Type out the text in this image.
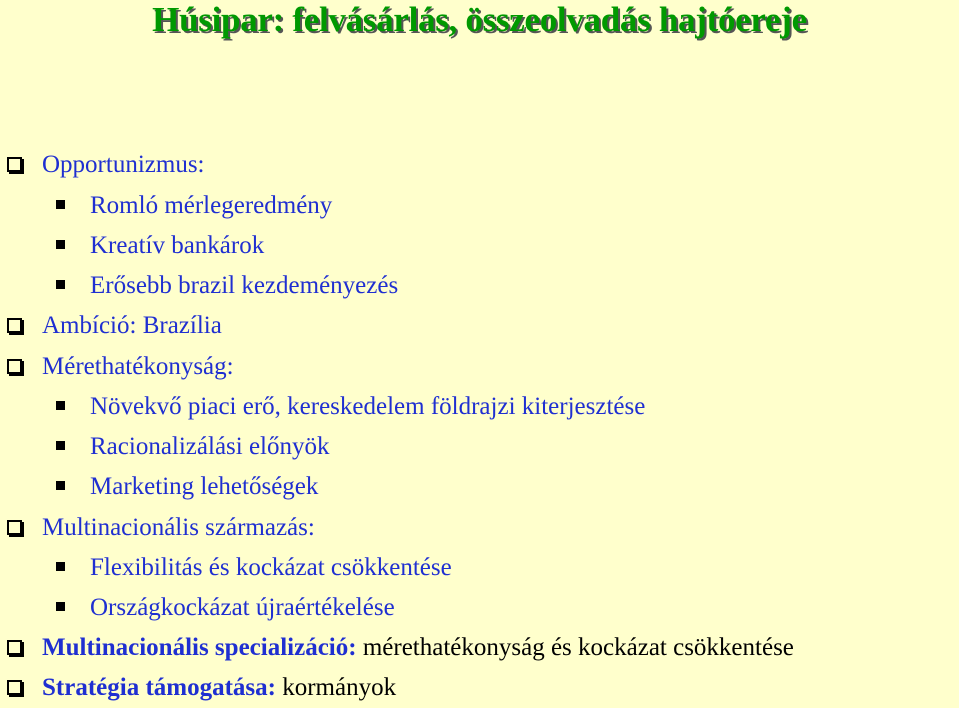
Húsipar: felvásárlás, összeolvadás hajtóereje
Opportunizmus:
Romló mérlegeredmény
Kreatív bankárok
Erősebb brazil kezdeményezés
Ambíció: Brazília
Mérethatékonyság:
Növekvő piaci erő, kereskedelem földrajzi kiterjesztése
Racionalizálási előnyök
Marketing lehetőségek
Multinacionális származás:
Flexibilitás és kockázat csökkentése
Országkockázat újraértékelése
Multinacionális specializáció: mérethatékonyság és kockázat csökkentése
Stratégia támogatása: kormányok
